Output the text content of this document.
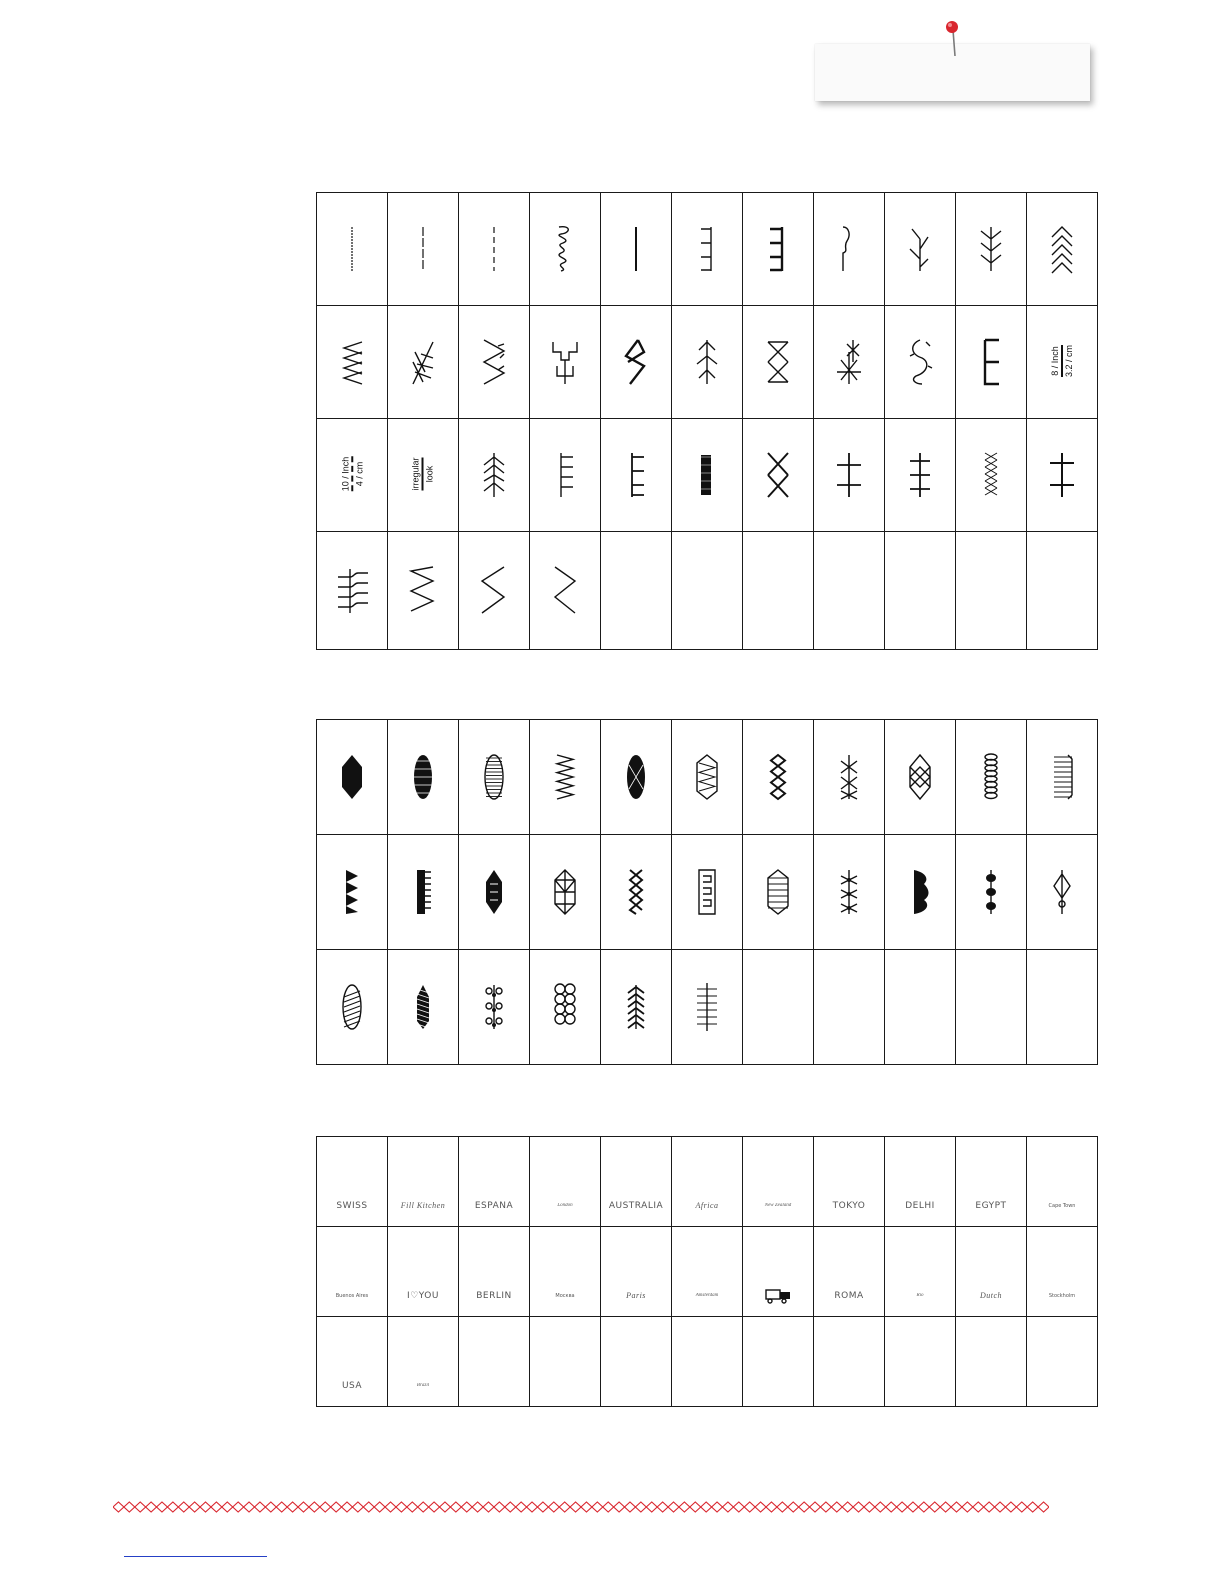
8 / Inch 3.2 / cm

10 / Inch 4 / cm	irregular look

SWISS	Fill Kitchen	ESPAÑA	London	AUSTRALIA	Africa	New Zealand	TOKYO	DELHI	EGYPT	Cape Town

Buenos Aires	I♡YOU	BERLIN	Москва	Paris	Amsterdam		ROMA	Rio	Dutch	Stockholm

USA	Brazil									
